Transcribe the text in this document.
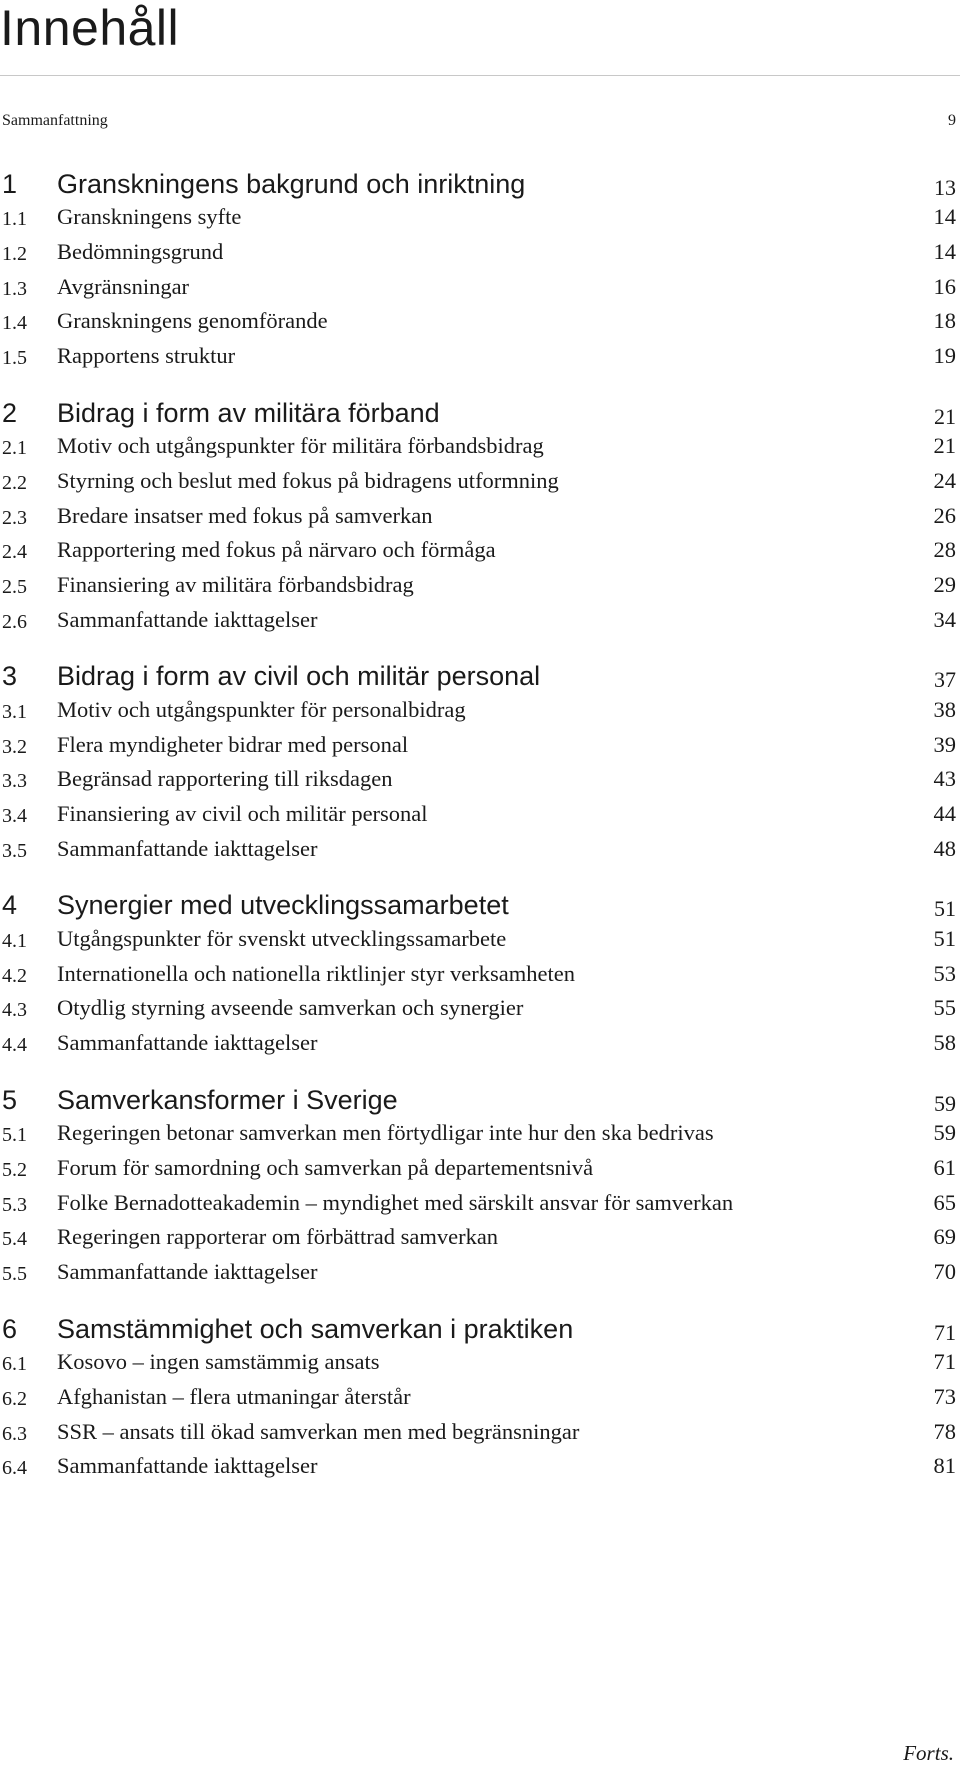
Innehåll
Sammanfattning	9
1 Granskningens bakgrund och inriktning	13
1.1 Granskningens syfte	14
1.2 Bedömningsgrund	14
1.3 Avgränsningar	16
1.4 Granskningens genomförande	18
1.5 Rapportens struktur	19
2 Bidrag i form av militära förband	21
2.1 Motiv och utgångspunkter för militära förbandsbidrag	21
2.2 Styrning och beslut med fokus på bidragens utformning	24
2.3 Bredare insatser med fokus på samverkan	26
2.4 Rapportering med fokus på närvaro och förmåga	28
2.5 Finansiering av militära förbandsbidrag	29
2.6 Sammanfattande iakttagelser	34
3 Bidrag i form av civil och militär personal	37
3.1 Motiv och utgångspunkter för personalbidrag	38
3.2 Flera myndigheter bidrar med personal	39
3.3 Begränsad rapportering till riksdagen	43
3.4 Finansiering av civil och militär personal	44
3.5 Sammanfattande iakttagelser	48
4 Synergier med utvecklingssamarbetet	51
4.1 Utgångspunkter för svenskt utvecklingssamarbete	51
4.2 Internationella och nationella riktlinjer styr verksamheten	53
4.3 Otydlig styrning avseende samverkan och synergier	55
4.4 Sammanfattande iakttagelser	58
5 Samverkansformer i Sverige	59
5.1 Regeringen betonar samverkan men förtydligar inte hur den ska bedrivas	59
5.2 Forum för samordning och samverkan på departementsnivå	61
5.3 Folke Bernadotteakademin – myndighet med särskilt ansvar för samverkan	65
5.4 Regeringen rapporterar om förbättrad samverkan	69
5.5 Sammanfattande iakttagelser	70
6 Samstämmighet och samverkan i praktiken	71
6.1 Kosovo – ingen samstämmig ansats	71
6.2 Afghanistan – flera utmaningar återstår	73
6.3 SSR – ansats till ökad samverkan men med begränsningar	78
6.4 Sammanfattande iakttagelser	81
Forts.
